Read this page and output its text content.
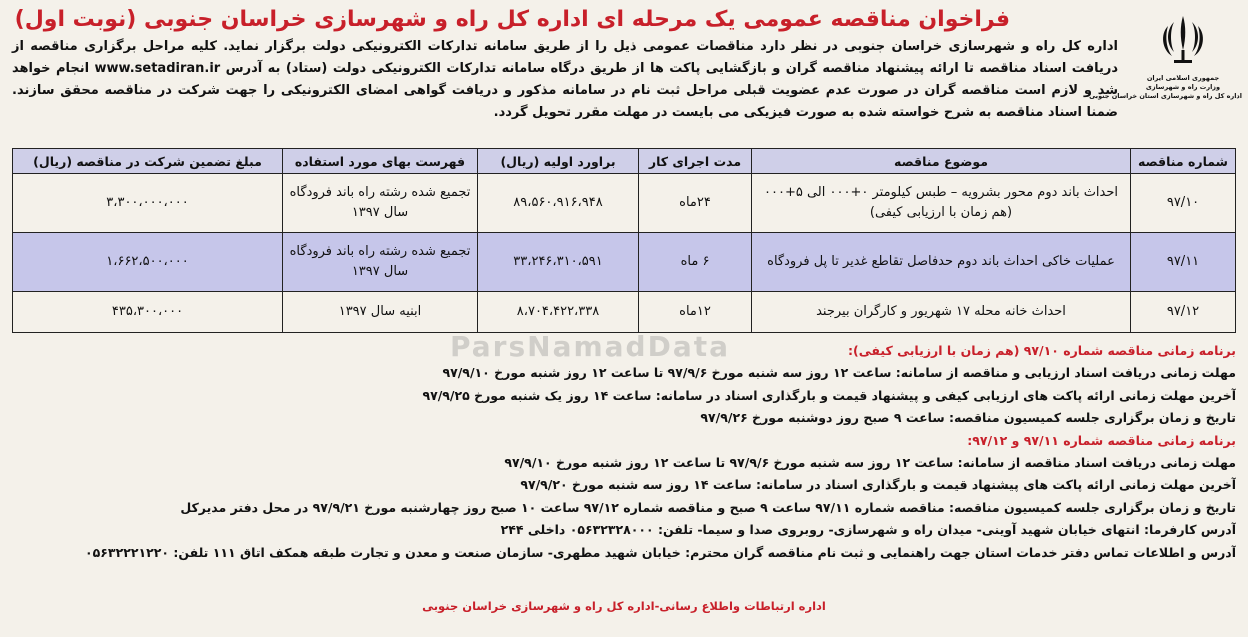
ParsNamadData
فراخوان مناقصه عمومی یک مرحله ای اداره کل راه و شهرسازی خراسان جنوبی (نوبت اول)
جمهوری اسلامی ایران
وزارت راه و شهرسازی
اداره کل راه و شهرسازی استان خراسان جنوبی
اداره کل راه و شهرسازی خراسان جنوبی در نظر دارد مناقصات عمومی ذیل را از طریق سامانه تدارکات الکترونیکی دولت برگزار نماید. کلیه مراحل برگزاری مناقصه از دریافت اسناد مناقصه تا ارائه پیشنهاد مناقصه گران و بازگشایی پاکت ها از طریق درگاه سامانه تدارکات الکترونیکی دولت (ستاد) به آدرس www.setadiran.ir انجام خواهد شد و لازم است مناقصه گران در صورت عدم عضویت قبلی مراحل ثبت نام در سامانه مذکور و دریافت گواهی امضای الکترونیکی را جهت شرکت در مناقصه محقق سازند. ضمنا اسناد مناقصه به شرح خواسته شده به صورت فیزیکی می بایست در مهلت مقرر تحویل گردد.
شماره مناقصه	موضوع مناقصه	مدت اجرای کار	براورد اولیه (ریال)	فهرست بهای مورد استفاده	مبلغ تضمین شرکت در مناقصه (ریال)
۹۷/۱۰	احداث باند دوم محور بشرویه – طبس کیلومتر ۰+۰۰۰ الی ۵+۰۰۰ (هم زمان با ارزیابی کیفی)	۲۴ماه	۸۹،۵۶۰،۹۱۶،۹۴۸	تجمیع شده رشته راه باند فرودگاه سال ۱۳۹۷	۳،۳۰۰،۰۰۰،۰۰۰
۹۷/۱۱	عملیات خاکی احداث باند دوم حدفاصل تقاطع غدیر تا پل فرودگاه	۶ ماه	۳۳،۲۴۶،۳۱۰،۵۹۱	تجمیع شده رشته راه باند فرودگاه سال ۱۳۹۷	۱،۶۶۲،۵۰۰،۰۰۰
۹۷/۱۲	احداث خانه محله ۱۷ شهریور و کارگران بیرجند	۱۲ماه	۸،۷۰۴،۴۲۲،۳۳۸	ابنیه سال ۱۳۹۷	۴۳۵،۳۰۰،۰۰۰
برنامه زمانی مناقصه شماره ۹۷/۱۰ (هم زمان با ارزیابی کیفی):
مهلت زمانی دریافت اسناد ارزیابی و مناقصه از سامانه: ساعت ۱۲ روز سه شنبه مورخ ۹۷/۹/۶ تا ساعت ۱۲ روز شنبه مورخ ۹۷/۹/۱۰
آخرین مهلت زمانی ارائه پاکت های ارزیابی کیفی و پیشنهاد قیمت و بارگذاری اسناد در سامانه: ساعت ۱۴ روز یک شنبه مورخ ۹۷/۹/۲۵
تاریخ و زمان برگزاری جلسه کمیسیون مناقصه: ساعت ۹ صبح روز دوشنبه مورخ ۹۷/۹/۲۶
برنامه زمانی مناقصه شماره ۹۷/۱۱ و ۹۷/۱۲:
مهلت زمانی دریافت اسناد مناقصه از سامانه: ساعت ۱۲ روز سه شنبه مورخ ۹۷/۹/۶ تا ساعت ۱۲ روز شنبه مورخ ۹۷/۹/۱۰
آخرین مهلت زمانی ارائه پاکت های پیشنهاد قیمت و بارگذاری اسناد در سامانه: ساعت ۱۴ روز سه شنبه مورخ ۹۷/۹/۲۰
تاریخ و زمان برگزاری جلسه کمیسیون مناقصه: مناقصه شماره ۹۷/۱۱ ساعت ۹ صبح و مناقصه شماره ۹۷/۱۲ ساعت ۱۰ صبح روز چهارشنبه مورخ ۹۷/۹/۲۱ در محل دفتر مدیرکل
آدرس کارفرما: انتهای خیابان شهید آوینی- میدان راه و شهرسازی- روبروی صدا و سیما- تلفن: ۰۵۶۳۲۳۲۸۰۰۰ داخلی ۲۴۴
آدرس و اطلاعات تماس دفتر خدمات استان جهت راهنمایی و ثبت نام مناقصه گران محترم: خیابان شهید مطهری- سازمان صنعت و معدن و تجارت طبقه همکف اتاق ۱۱۱ تلفن: ۰۵۶۳۲۲۲۱۲۲۰
اداره ارتباطات واطلاع رسانی-اداره کل راه و شهرسازی خراسان جنوبی
